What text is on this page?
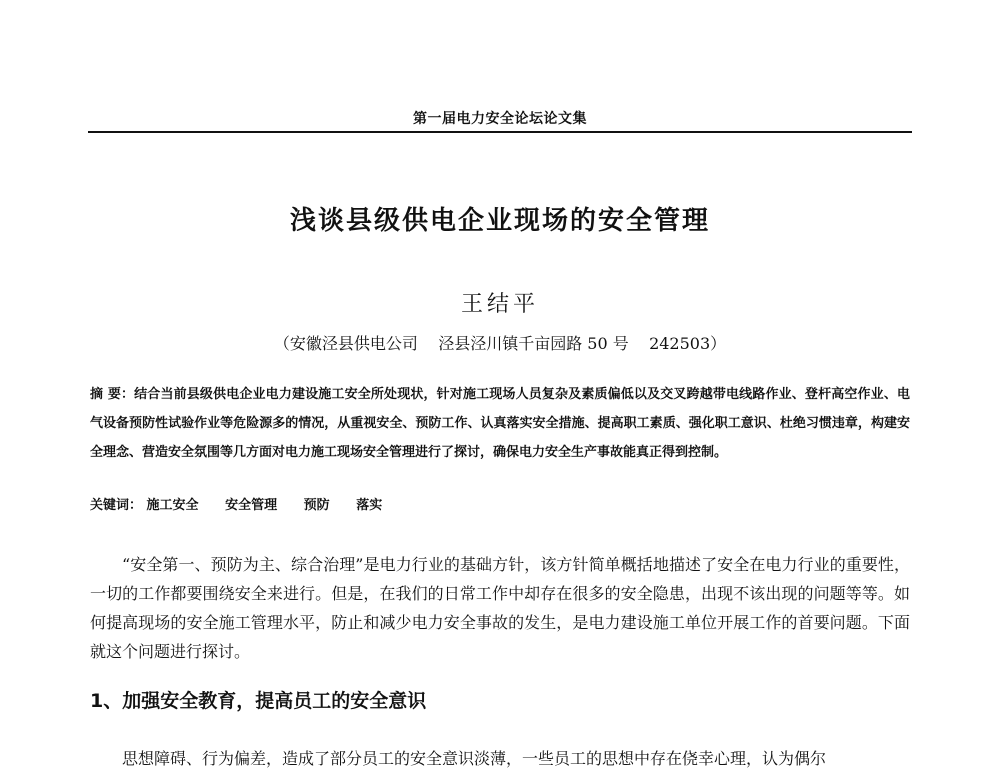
第一届电力安全论坛论文集
浅谈县级供电企业现场的安全管理
王结平
（安徽泾县供电公司    泾县泾川镇千亩园路 50 号    242503）
摘 要：结合当前县级供电企业电力建设施工安全所处现状，针对施工现场人员复杂及素质偏低以及交叉跨越带电线路作业、登杆高空作业、电气设备预防性试验作业等危险源多的情况，从重视安全、预防工作、认真落实安全措施、提高职工素质、强化职工意识、杜绝习惯违章，构建安全理念、营造安全氛围等几方面对电力施工现场安全管理进行了探讨，确保电力安全生产事故能真正得到控制。
关键词： 施工安全 安全管理 预防 落实
“安全第一、预防为主、综合治理”是电力行业的基础方针，该方针简单概括地描述了安全在电力行业的重要性，一切的工作都要围绕安全来进行。但是，在我们的日常工作中却存在很多的安全隐患，出现不该出现的问题等等。如何提高现场的安全施工管理水平，防止和减少电力安全事故的发生，是电力建设施工单位开展工作的首要问题。下面就这个问题进行探讨。
1、加强安全教育，提高员工的安全意识
思想障碍、行为偏差，造成了部分员工的安全意识淡薄，一些员工的思想中存在侥幸心理，认为偶尔
